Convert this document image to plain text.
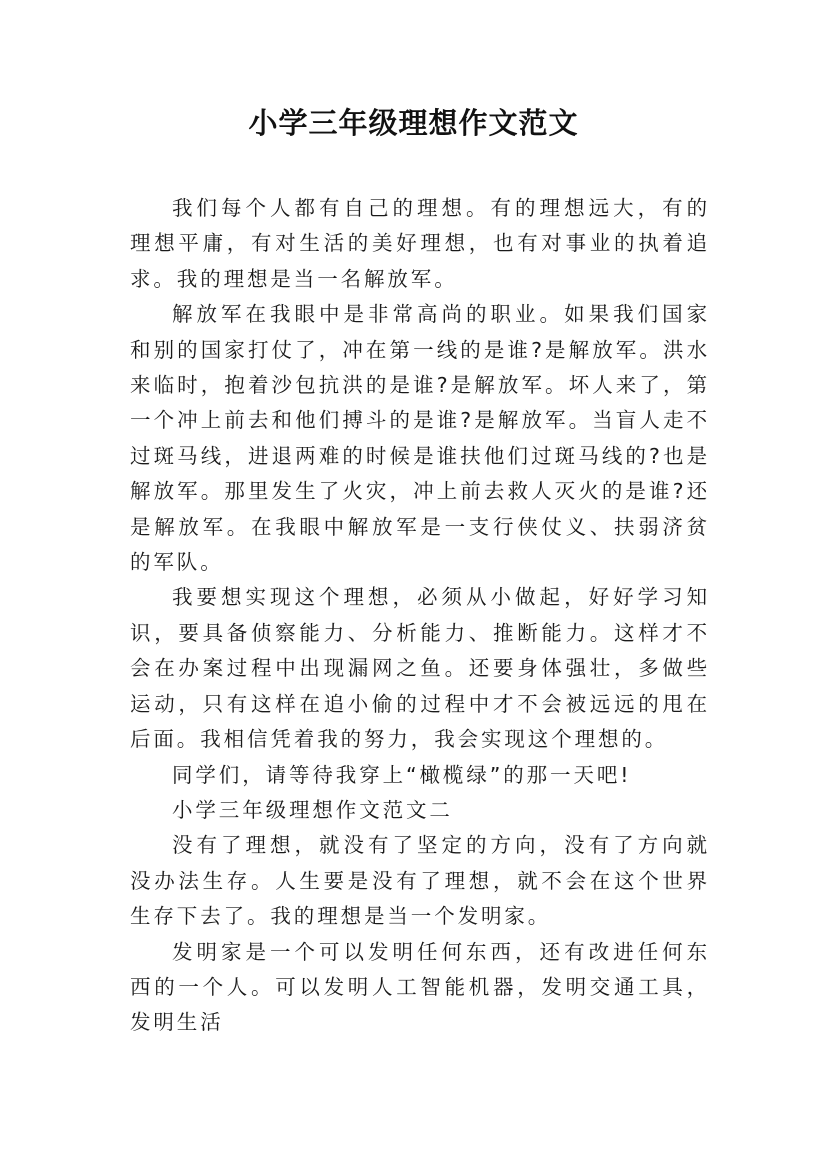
小学三年级理想作文范文

我们每个人都有自己的理想。有的理想远大，有的理想平庸，有对生活的美好理想，也有对事业的执着追求。我的理想是当一名解放军。

解放军在我眼中是非常高尚的职业。如果我们国家和别的国家打仗了，冲在第一线的是谁?是解放军。洪水来临时，抱着沙包抗洪的是谁?是解放军。坏人来了，第一个冲上前去和他们搏斗的是谁?是解放军。当盲人走不过斑马线，进退两难的时候是谁扶他们过斑马线的?也是解放军。那里发生了火灾，冲上前去救人灭火的是谁?还是解放军。在我眼中解放军是一支行侠仗义、扶弱济贫的军队。

我要想实现这个理想，必须从小做起，好好学习知识，要具备侦察能力、分析能力、推断能力。这样才不会在办案过程中出现漏网之鱼。还要身体强壮，多做些运动，只有这样在追小偷的过程中才不会被远远的甩在后面。我相信凭着我的努力，我会实现这个理想的。

同学们，请等待我穿上“橄榄绿”的那一天吧!

小学三年级理想作文范文二

没有了理想，就没有了坚定的方向，没有了方向就没办法生存。人生要是没有了理想，就不会在这个世界生存下去了。我的理想是当一个发明家。

发明家是一个可以发明任何东西，还有改进任何东西的一个人。可以发明人工智能机器，发明交通工具，发明生活
